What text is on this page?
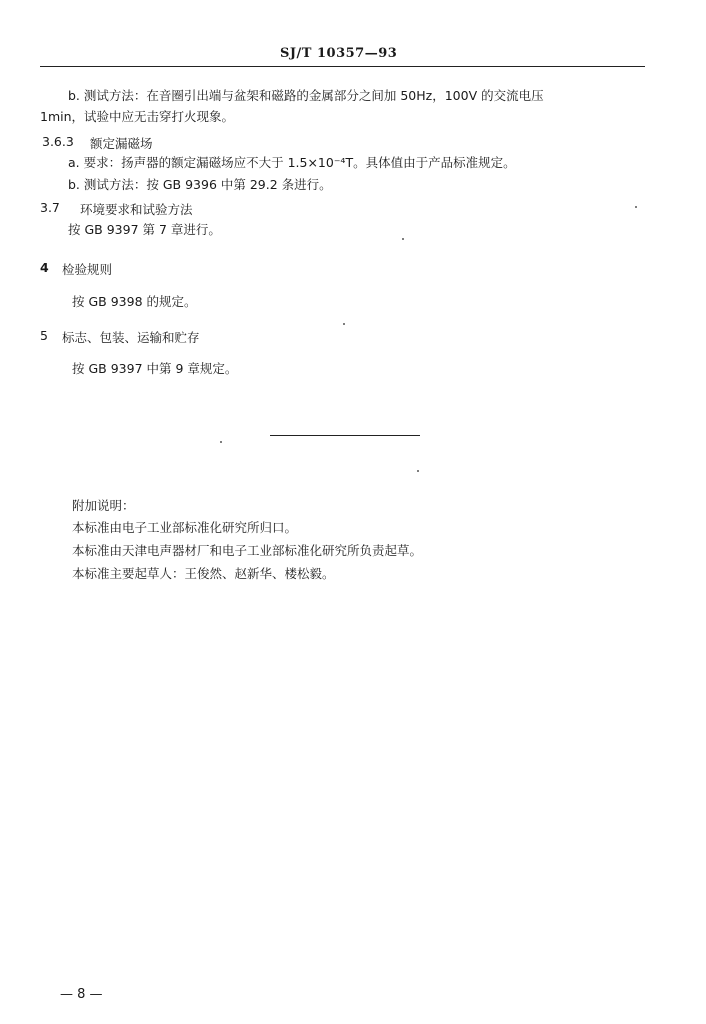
SJ/T 10357—93
b. 测试方法：在音圈引出端与盆架和磁路的金属部分之间加 50Hz，100V 的交流电压
1min，试验中应无击穿打火现象。
3.6.3 额定漏磁场
a. 要求：扬声器的额定漏磁场应不大于 1.5×10⁻⁴T。具体值由于产品标准规定。
b. 测试方法：按 GB 9396 中第 29.2 条进行。
3.7 环境要求和试验方法
按 GB 9397 第 7 章进行。
4 检验规则
按 GB 9398 的规定。
5 标志、包装、运输和贮存
按 GB 9397 中第 9 章规定。
附加说明：
本标准由电子工业部标准化研究所归口。
本标准由天津电声器材厂和电子工业部标准化研究所负责起草。
本标准主要起草人：王俊然、赵新华、楼松毅。
— 8 —
